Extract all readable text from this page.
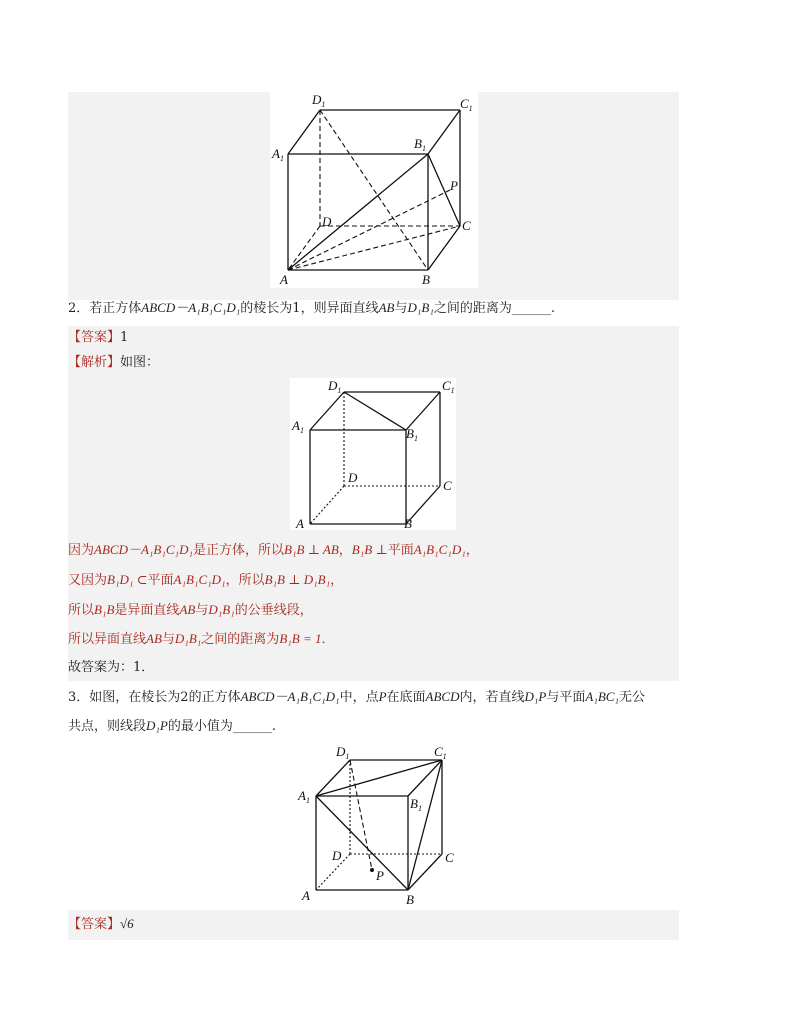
$D_1$	$C_1$
$A_1$
$B_1$
P
D	C
A	B
2．若正方体ABCD－A₁B₁C₁D₁的棱长为1，则异面直线AB与D₁B₁之间的距离为______.
【答案】1
【解析】如图：
$D_1$	$C_1$
$A_1$	$B_1$
D
C
A	B
因为ABCD－A₁B₁C₁D₁是正方体，所以B₁B ⊥ AB，B₁B ⊥平面A₁B₁C₁D₁，
又因为B₁D₁ ⊂平面A₁B₁C₁D₁，所以B₁B ⊥ D₁B₁，
所以B₁B是异面直线AB与D₁B₁的公垂线段，
所以异面直线AB与D₁B₁之间的距离为B₁B = 1．
故答案为：1．
3．如图，在棱长为2的正方体ABCD－A₁B₁C₁D₁中，点P在底面ABCD内，若直线D₁P与平面A₁BC₁无公
共点，则线段D₁P的最小值为______.
$D_1$	$C_1$
$A_1$	$B_1$
P
D	C
A	B
【答案】√6
